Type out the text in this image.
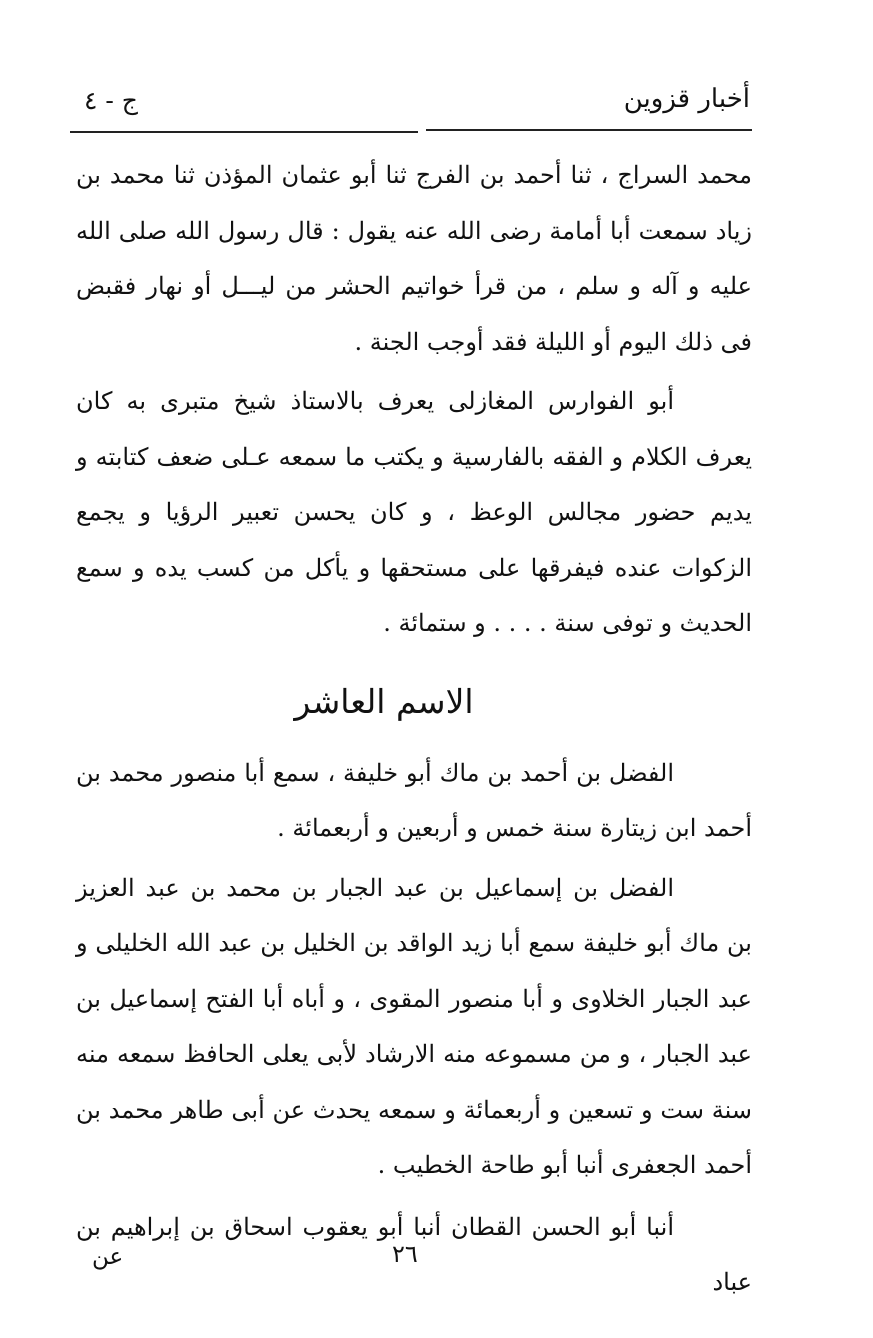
أخبار قزوين
ج - ٤

محمد السراج ، ثنا أحمد بن الفرج ثنا أبو عثمان المؤذن ثنا محمد بن زياد سمعت أبا أمامة رضى الله عنه يقول : قال رسول الله صلى الله عليه و آله و سلم ، من قرأ خواتيم الحشر من ليـــل أو نهار فقبض فى ذلك اليوم أو الليلة فقد أوجب الجنة .

أبو الفوارس المغازلى يعرف بالاستاذ شيخ متبرى به كان يعرف الكلام و الفقه بالفارسية و يكتب ما سمعه عـلى ضعف كتابته و يديم حضور مجالس الوعظ ، و كان يحسن تعبير الرؤيا و يجمع الزكوات عنده فيفرقها على مستحقها و يأكل من كسب يده و سمع الحديث و توفى سنة . . . . و ستمائة .

الاسم العاشر

الفضل بن أحمد بن ماك أبو خليفة ، سمع أبا منصور محمد بن أحمد ابن زيتارة سنة خمس و أربعين و أربعمائة .

الفضل بن إسماعيل بن عبد الجبار بن محمد بن عبد العزيز بن ماك أبو خليفة سمع أبا زيد الواقد بن الخليل بن عبد الله الخليلى و عبد الجبار الخلاوى و أبا منصور المقوى ، و أباه أبا الفتح إسماعيل بن عبد الجبار ، و من مسموعه منه الارشاد لأبى يعلى الحافظ سمعه منه سنة ست و تسعين و أربعمائة و سمعه يحدث عن أبى طاهر محمد بن أحمد الجعفرى أنبا أبو طاحة الخطيب .

أنبا أبو الحسن القطان أنبا أبو يعقوب اسحاق بن إبراهيم بن عباد

٢٦
عن
